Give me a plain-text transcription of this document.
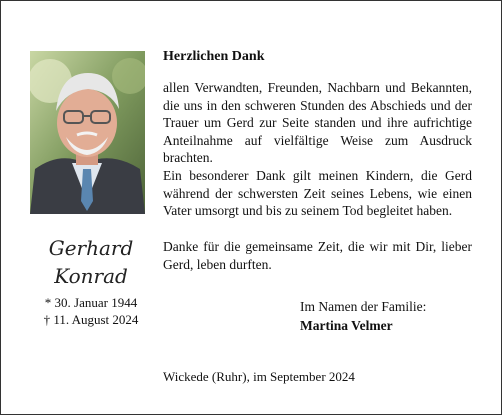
Gerhard
Konrad
* 30. Januar 1944
† 11. August 2024
Herzlichen Dank

allen Verwandten, Freunden, Nachbarn und Bekannten, die uns in den schweren Stunden des Abschieds und der Trauer um Gerd zur Seite standen und ihre aufrichtige Anteilnahme auf vielfältige Weise zum Ausdruck brachten.

Ein besonderer Dank gilt meinen Kindern, die Gerd während der schwersten Zeit seines Lebens, wie einen Vater umsorgt und bis zu seinem Tod begleitet haben.

Danke für die gemeinsame Zeit, die wir mit Dir, lieber Gerd, leben durften.

Im Namen der Familie:
Martina Velmer
Wickede (Ruhr), im September 2024
